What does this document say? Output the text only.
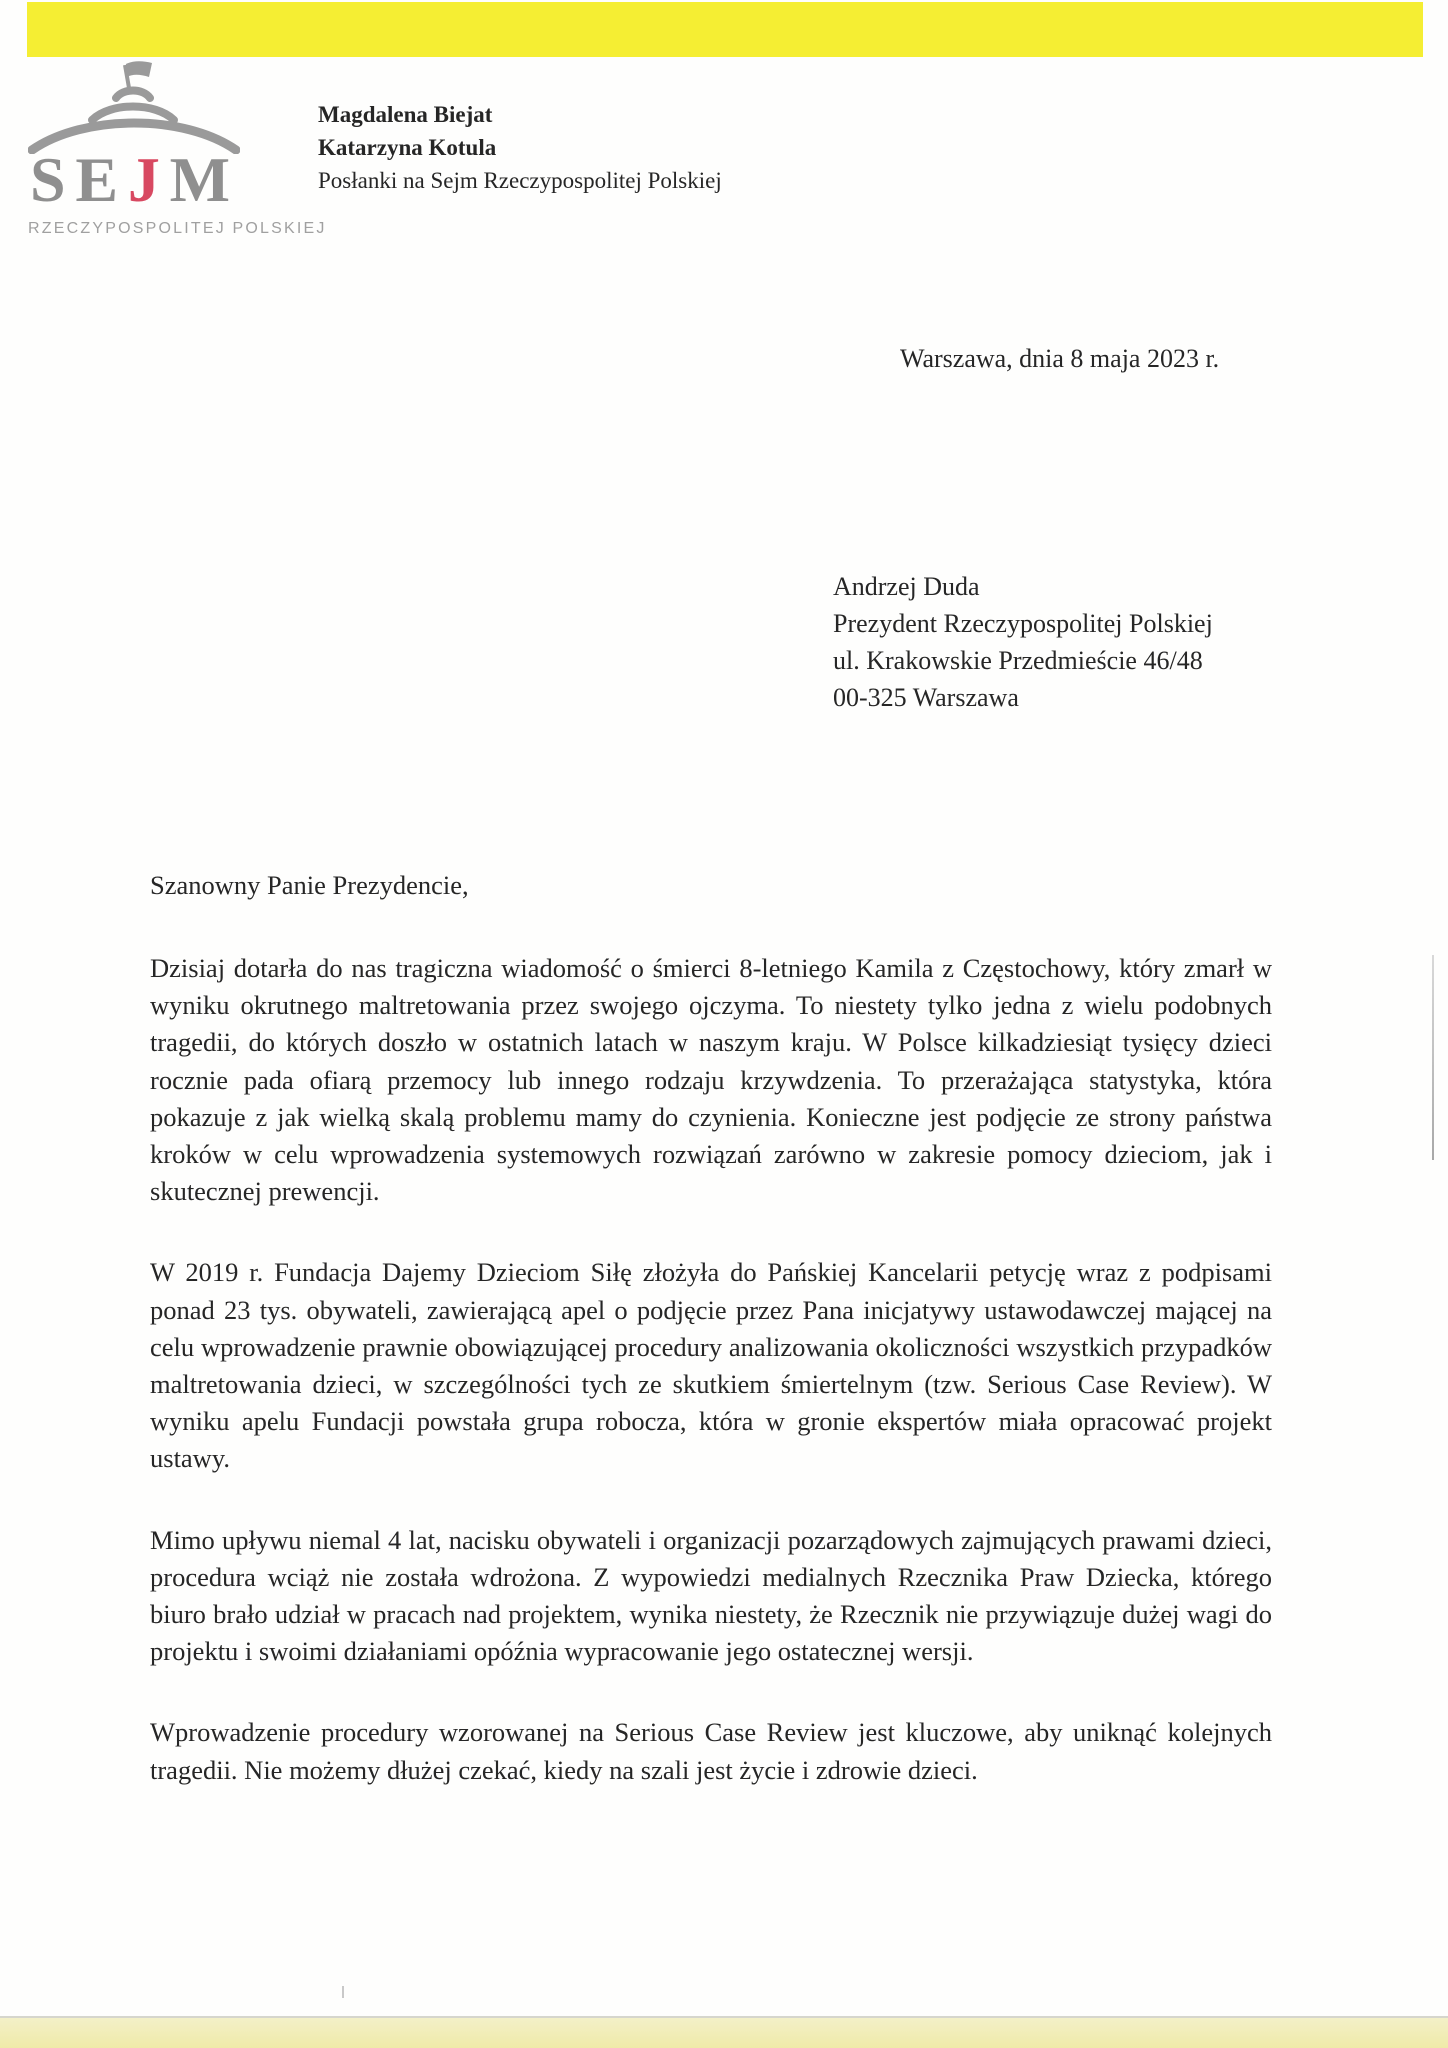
S E J M
RZECZYPOSPOLITEJ POLSKIEJ
Magdalena Biejat
Katarzyna Kotula
Posłanki na Sejm Rzeczypospolitej Polskiej
Warszawa, dnia 8 maja 2023 r.
Andrzej Duda
Prezydent Rzeczypospolitej Polskiej
ul. Krakowskie Przedmieście 46/48
00-325 Warszawa
Szanowny Panie Prezydencie,

Dzisiaj dotarła do nas tragiczna wiadomość o śmierci 8-letniego Kamila z Częstochowy, który zmarł w wyniku okrutnego maltretowania przez swojego ojczyma. To niestety tylko jedna z wielu podobnych tragedii, do których doszło w ostatnich latach w naszym kraju. W Polsce kilkadziesiąt tysięcy dzieci rocznie pada ofiarą przemocy lub innego rodzaju krzywdzenia. To przerażająca statystyka, która pokazuje z jak wielką skalą problemu mamy do czynienia. Konieczne jest podjęcie ze strony państwa kroków w celu wprowadzenia systemowych rozwiązań zarówno w zakresie pomocy dzieciom, jak i skutecznej prewencji.

W 2019 r. Fundacja Dajemy Dzieciom Siłę złożyła do Pańskiej Kancelarii petycję wraz z podpisami ponad 23 tys. obywateli, zawierającą apel o podjęcie przez Pana inicjatywy ustawodawczej mającej na celu wprowadzenie prawnie obowiązującej procedury analizowania okoliczności wszystkich przypadków maltretowania dzieci, w szczególności tych ze skutkiem śmiertelnym (tzw. Serious Case Review). W wyniku apelu Fundacji powstała grupa robocza, która w gronie ekspertów miała opracować projekt ustawy.

Mimo upływu niemal 4 lat, nacisku obywateli i organizacji pozarządowych zajmujących prawami dzieci, procedura wciąż nie została wdrożona. Z wypowiedzi medialnych Rzecznika Praw Dziecka, którego biuro brało udział w pracach nad projektem, wynika niestety, że Rzecznik nie przywiązuje dużej wagi do projektu i swoimi działaniami opóźnia wypracowanie jego ostatecznej wersji.

Wprowadzenie procedury wzorowanej na Serious Case Review jest kluczowe, aby uniknąć kolejnych tragedii. Nie możemy dłużej czekać, kiedy na szali jest życie i zdrowie dzieci.
